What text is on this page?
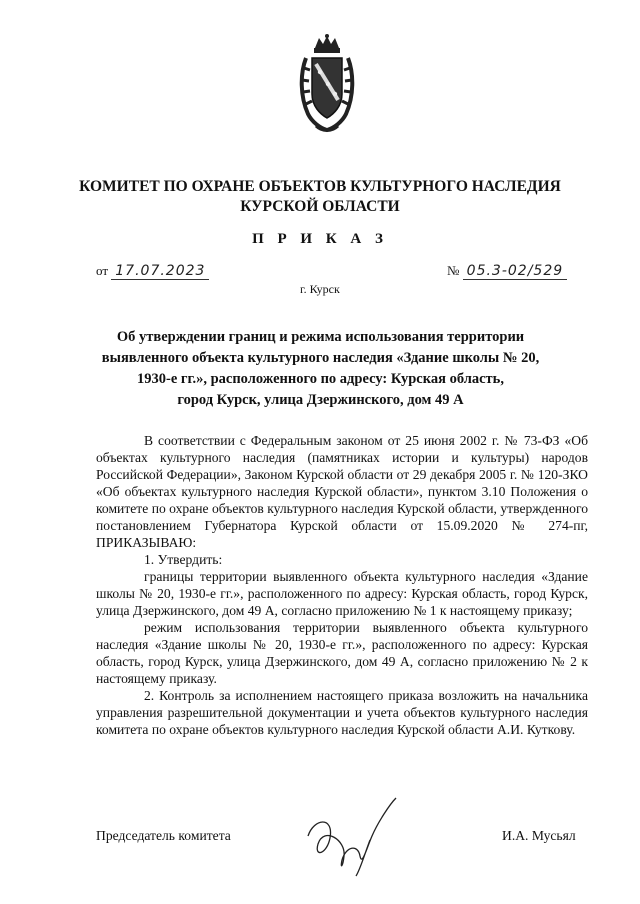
КОМИТЕТ ПО ОХРАНЕ ОБЪЕКТОВ КУЛЬТУРНОГО НАСЛЕДИЯ
КУРСКОЙ ОБЛАСТИ
П Р И К А З
от 17.07.2023	№ 05.3-02/529
г. Курск
Об утверждении границ и режима использования территории
выявленного объекта культурного наследия «Здание школы № 20,
1930-е гг.», расположенного по адресу: Курская область,
город Курск, улица Дзержинского, дом 49 А

В соответствии с Федеральным законом от 25 июня 2002 г. № 73-ФЗ «Об объектах культурного наследия (памятниках истории и культуры) народов Российской Федерации», Законом Курской области от 29 декабря 2005 г. № 120-ЗКО «Об объектах культурного наследия Курской области», пунктом 3.10 Положения о комитете по охране объектов культурного наследия Курской области, утвержденного постановлением Губернатора Курской области от 15.09.2020 № 274-пг, ПРИКАЗЫВАЮ:

1. Утвердить:

границы территории выявленного объекта культурного наследия «Здание школы № 20, 1930-е гг.», расположенного по адресу: Курская область, город Курск, улица Дзержинского, дом 49 А, согласно приложению № 1 к настоящему приказу;

режим использования территории выявленного объекта культурного наследия «Здание школы № 20, 1930-е гг.», расположенного по адресу: Курская область, город Курск, улица Дзержинского, дом 49 А, согласно приложению № 2 к настоящему приказу.

2. Контроль за исполнением настоящего приказа возложить на начальника управления разрешительной документации и учета объектов культурного наследия комитета по охране объектов культурного наследия Курской области А.И. Куткову.

Председатель комитета	И.А. Мусьял
